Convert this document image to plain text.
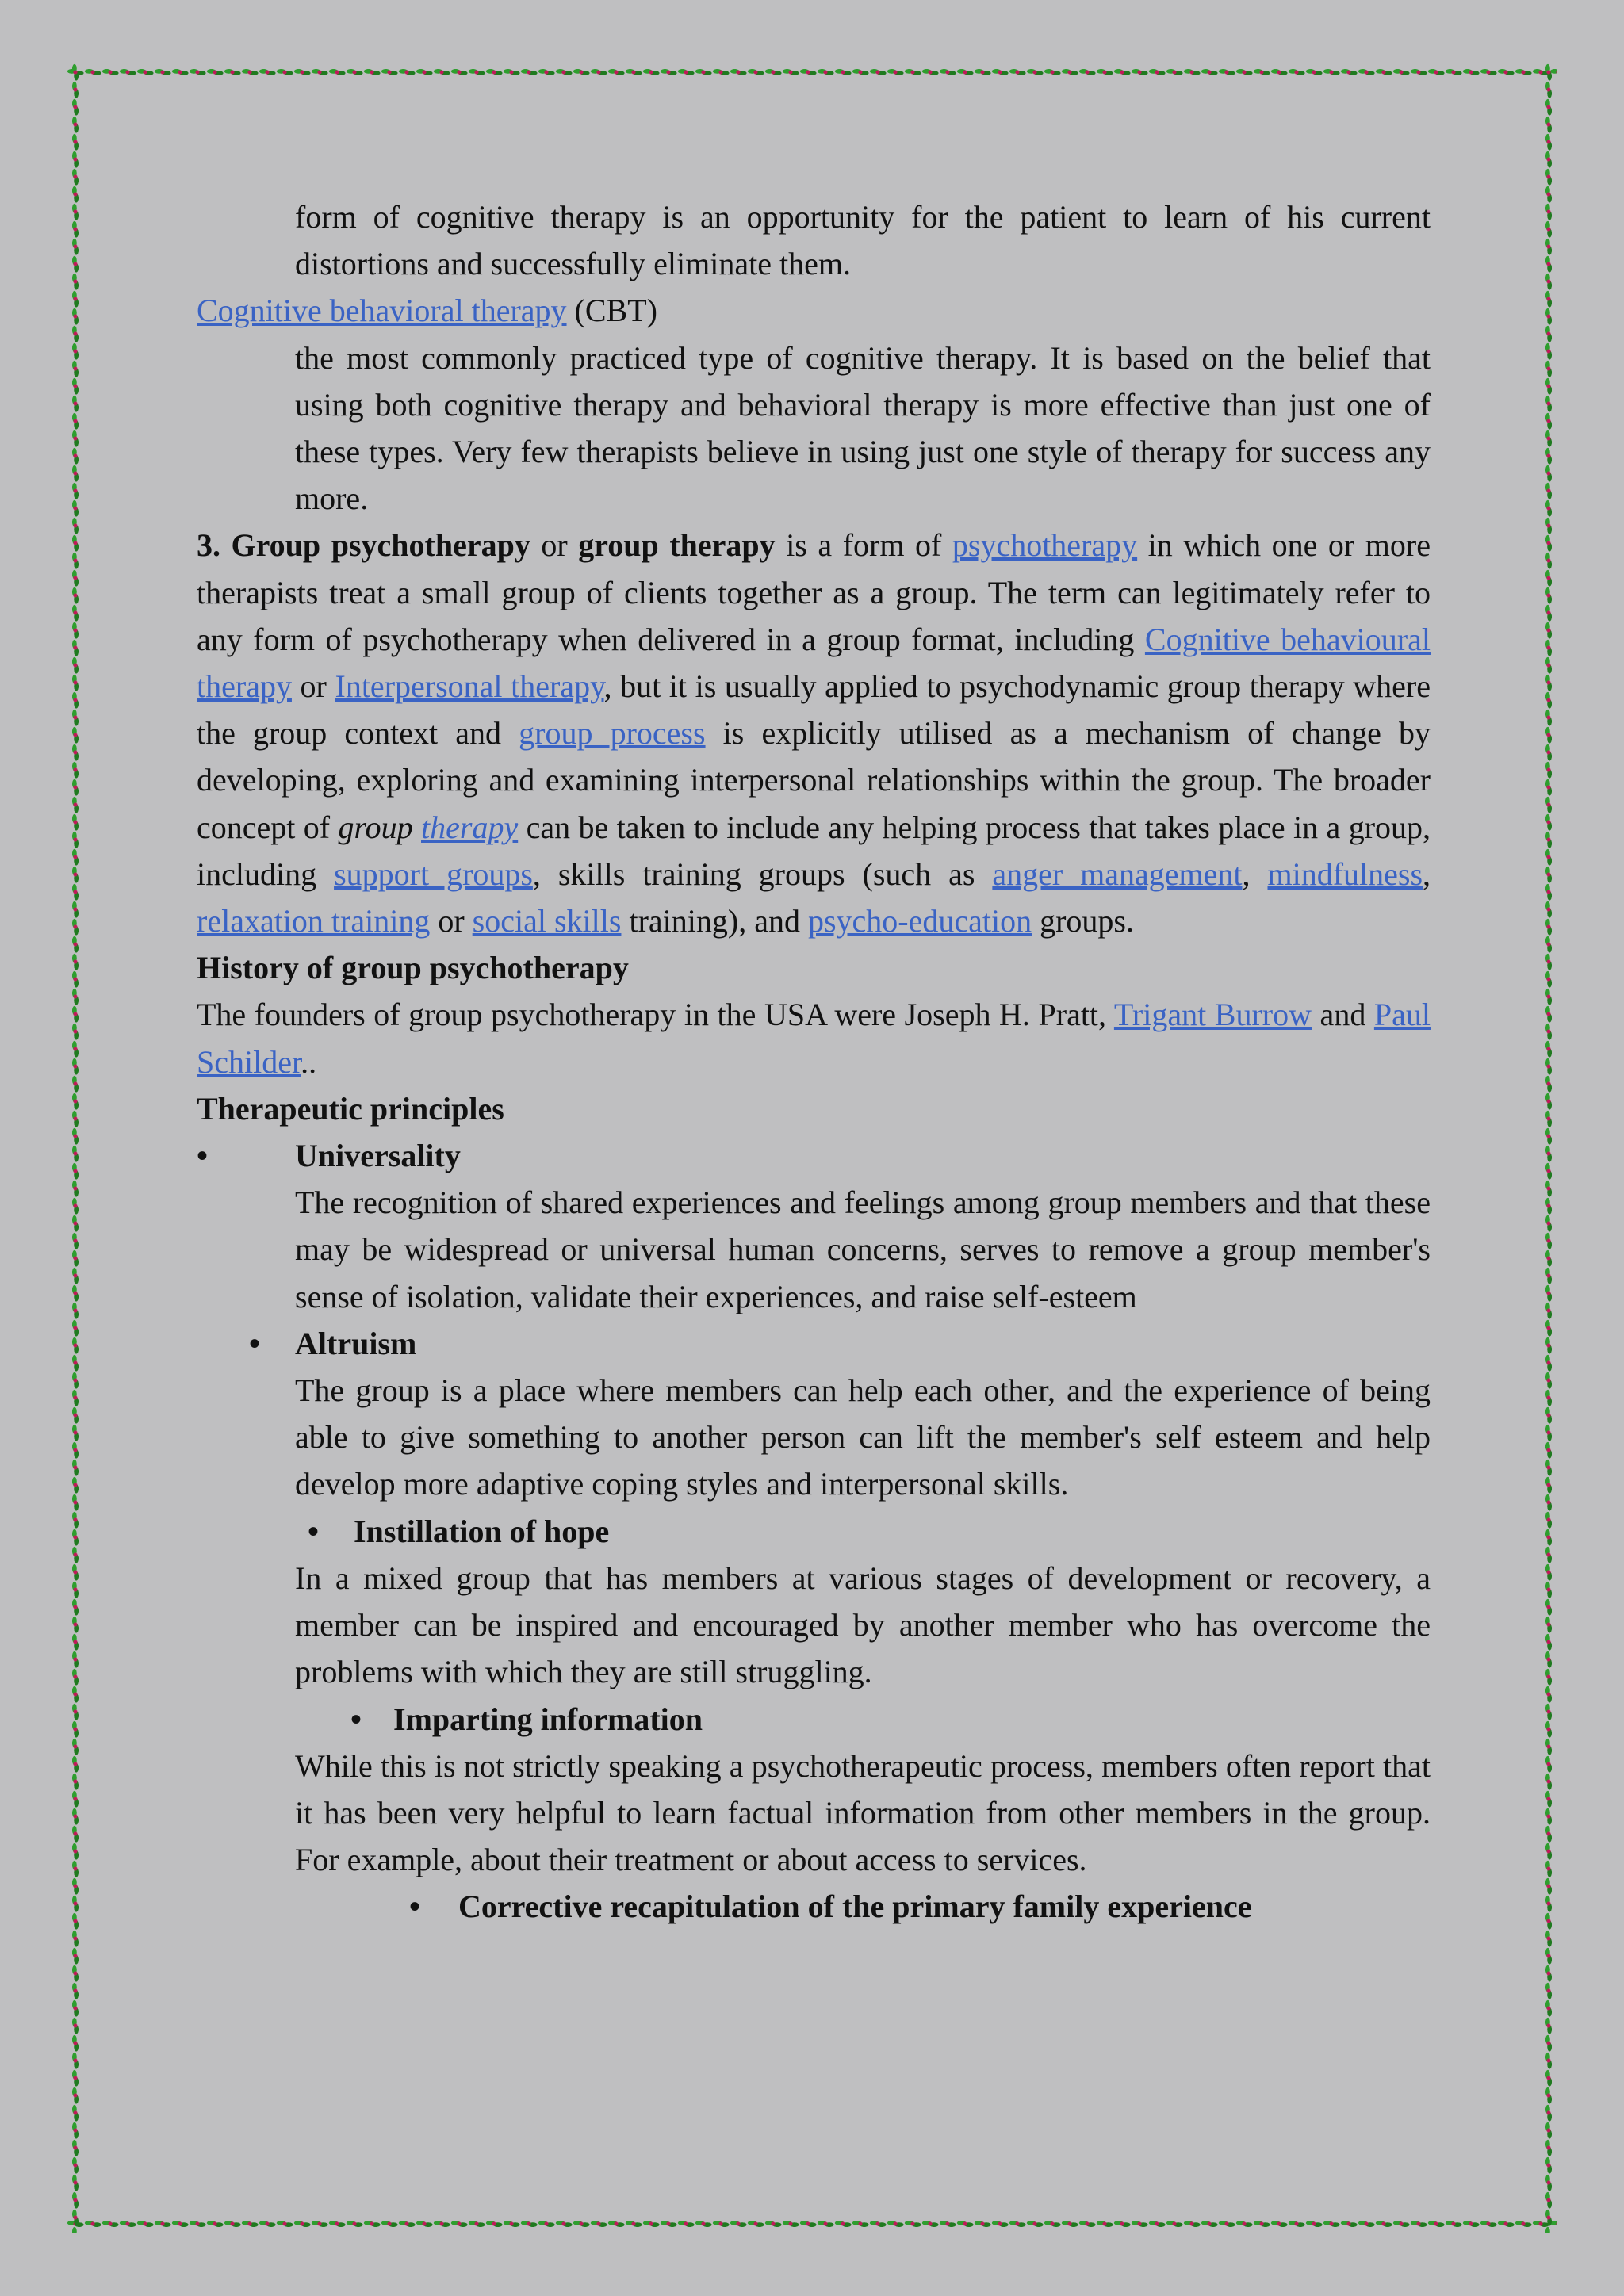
form of cognitive therapy is an opportunity for the patient to learn of his current distortions and successfully eliminate them.

Cognitive behavioral therapy (CBT)

the most commonly practiced type of cognitive therapy. It is based on the belief that using both cognitive therapy and behavioral therapy is more effective than just one of these types. Very few therapists believe in using just one style of therapy for success any more.

3. Group psychotherapy or group therapy is a form of psychotherapy in which one or more therapists treat a small group of clients together as a group. The term can legitimately refer to any form of psychotherapy when delivered in a group format, including Cognitive behavioural therapy or Interpersonal therapy, but it is usually applied to psychodynamic group therapy where the group context and group process is explicitly utilised as a mechanism of change by developing, exploring and examining interpersonal relationships within the group. The broader concept of group therapy can be taken to include any helping process that takes place in a group, including support groups, skills training groups (such as anger management, mindfulness, relaxation training or social skills training), and psycho-education groups.

History of group psychotherapy

The founders of group psychotherapy in the USA were Joseph H. Pratt, Trigant Burrow and Paul Schilder..

Therapeutic principles

•	Universality

The recognition of shared experiences and feelings among group members and that these may be widespread or universal human concerns, serves to remove a group member's sense of isolation, validate their experiences, and raise self-esteem

•	Altruism

The group is a place where members can help each other, and the experience of being able to give something to another person can lift the member's self esteem and help develop more adaptive coping styles and interpersonal skills.

•	Instillation of hope

In a mixed group that has members at various stages of development or recovery, a member can be inspired and encouraged by another member who has overcome the problems with which they are still struggling.

• Imparting information

While this is not strictly speaking a psychotherapeutic process, members often report that it has been very helpful to learn factual information from other members in the group. For example, about their treatment or about access to services.

•	Corrective recapitulation of the primary family experience
